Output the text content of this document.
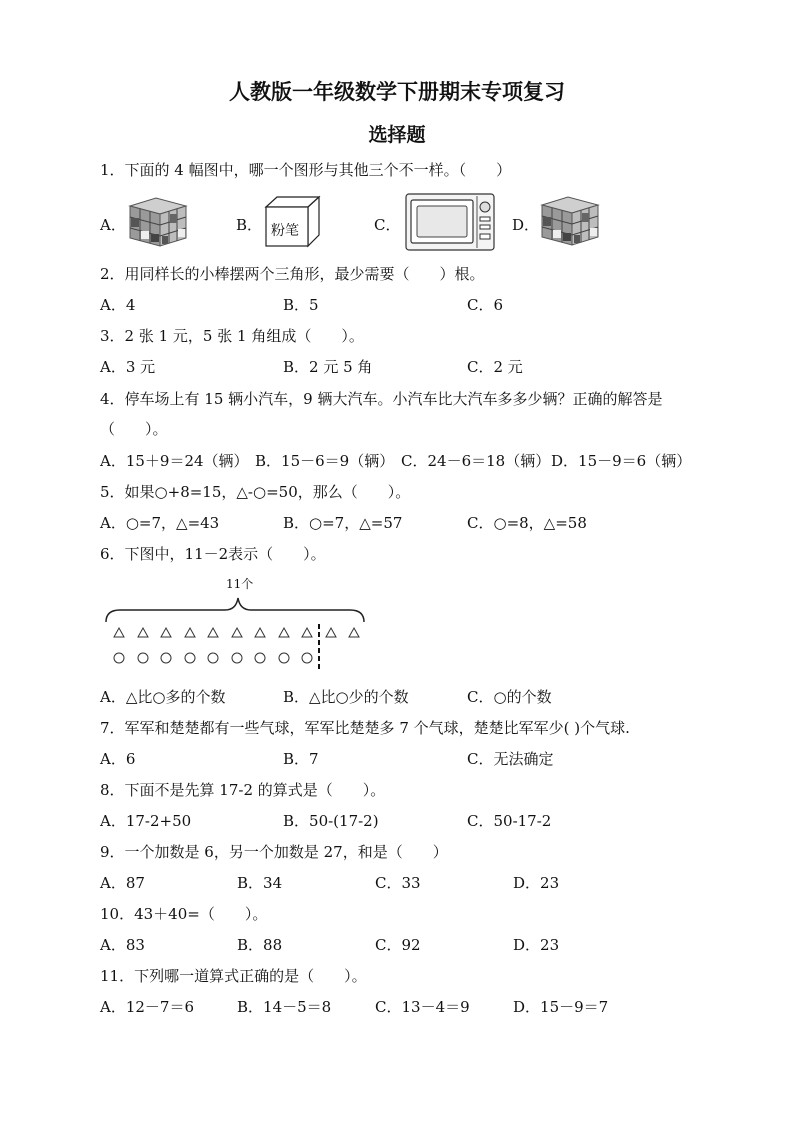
人教版一年级数学下册期末专项复习
选择题
1．下面的 4 幅图中，哪一个图形与其他三个不一样。（　　）
A．	B． 粉笔	C．	D．
2．用同样长的小棒摆两个三角形，最少需要（　　）根。
A．4	B．5	C．6
3．2 张 1 元，5 张 1 角组成（　　）。
A．3 元	B．2 元 5 角	C．2 元
4．停车场上有 15 辆小汽车，9 辆大汽车。小汽车比大汽车多多少辆？正确的解答是
（　　）。
A．15＋9＝24（辆） B．15－6＝9（辆） C．24－6＝18（辆） D．15－9＝6（辆）
5．如果○+8=15，△-○=50，那么（　　）。
A．○=7，△=43	B．○=7，△=57	C．○=8，△=58
6．下图中，11－2表示（　　）。
11个
A．△比○多的个数	B．△比○少的个数	C．○的个数
7．军军和楚楚都有一些气球，军军比楚楚多 7 个气球，楚楚比军军少( )个气球.
A．6	B．7	C．无法确定
8．下面不是先算 17-2 的算式是（　　）。
A．17-2+50	B．50-(17-2)	C．50-17-2
9．一个加数是 6，另一个加数是 27，和是（　　）
A．87	B．34	C．33	D．23
10．43＋40=（　　）。
A．83	B．88	C．92	D．23
11．下列哪一道算式正确的是（　　）。
A．12－7＝6	B．14－5＝8	C．13－4＝9	D．15－9＝7
